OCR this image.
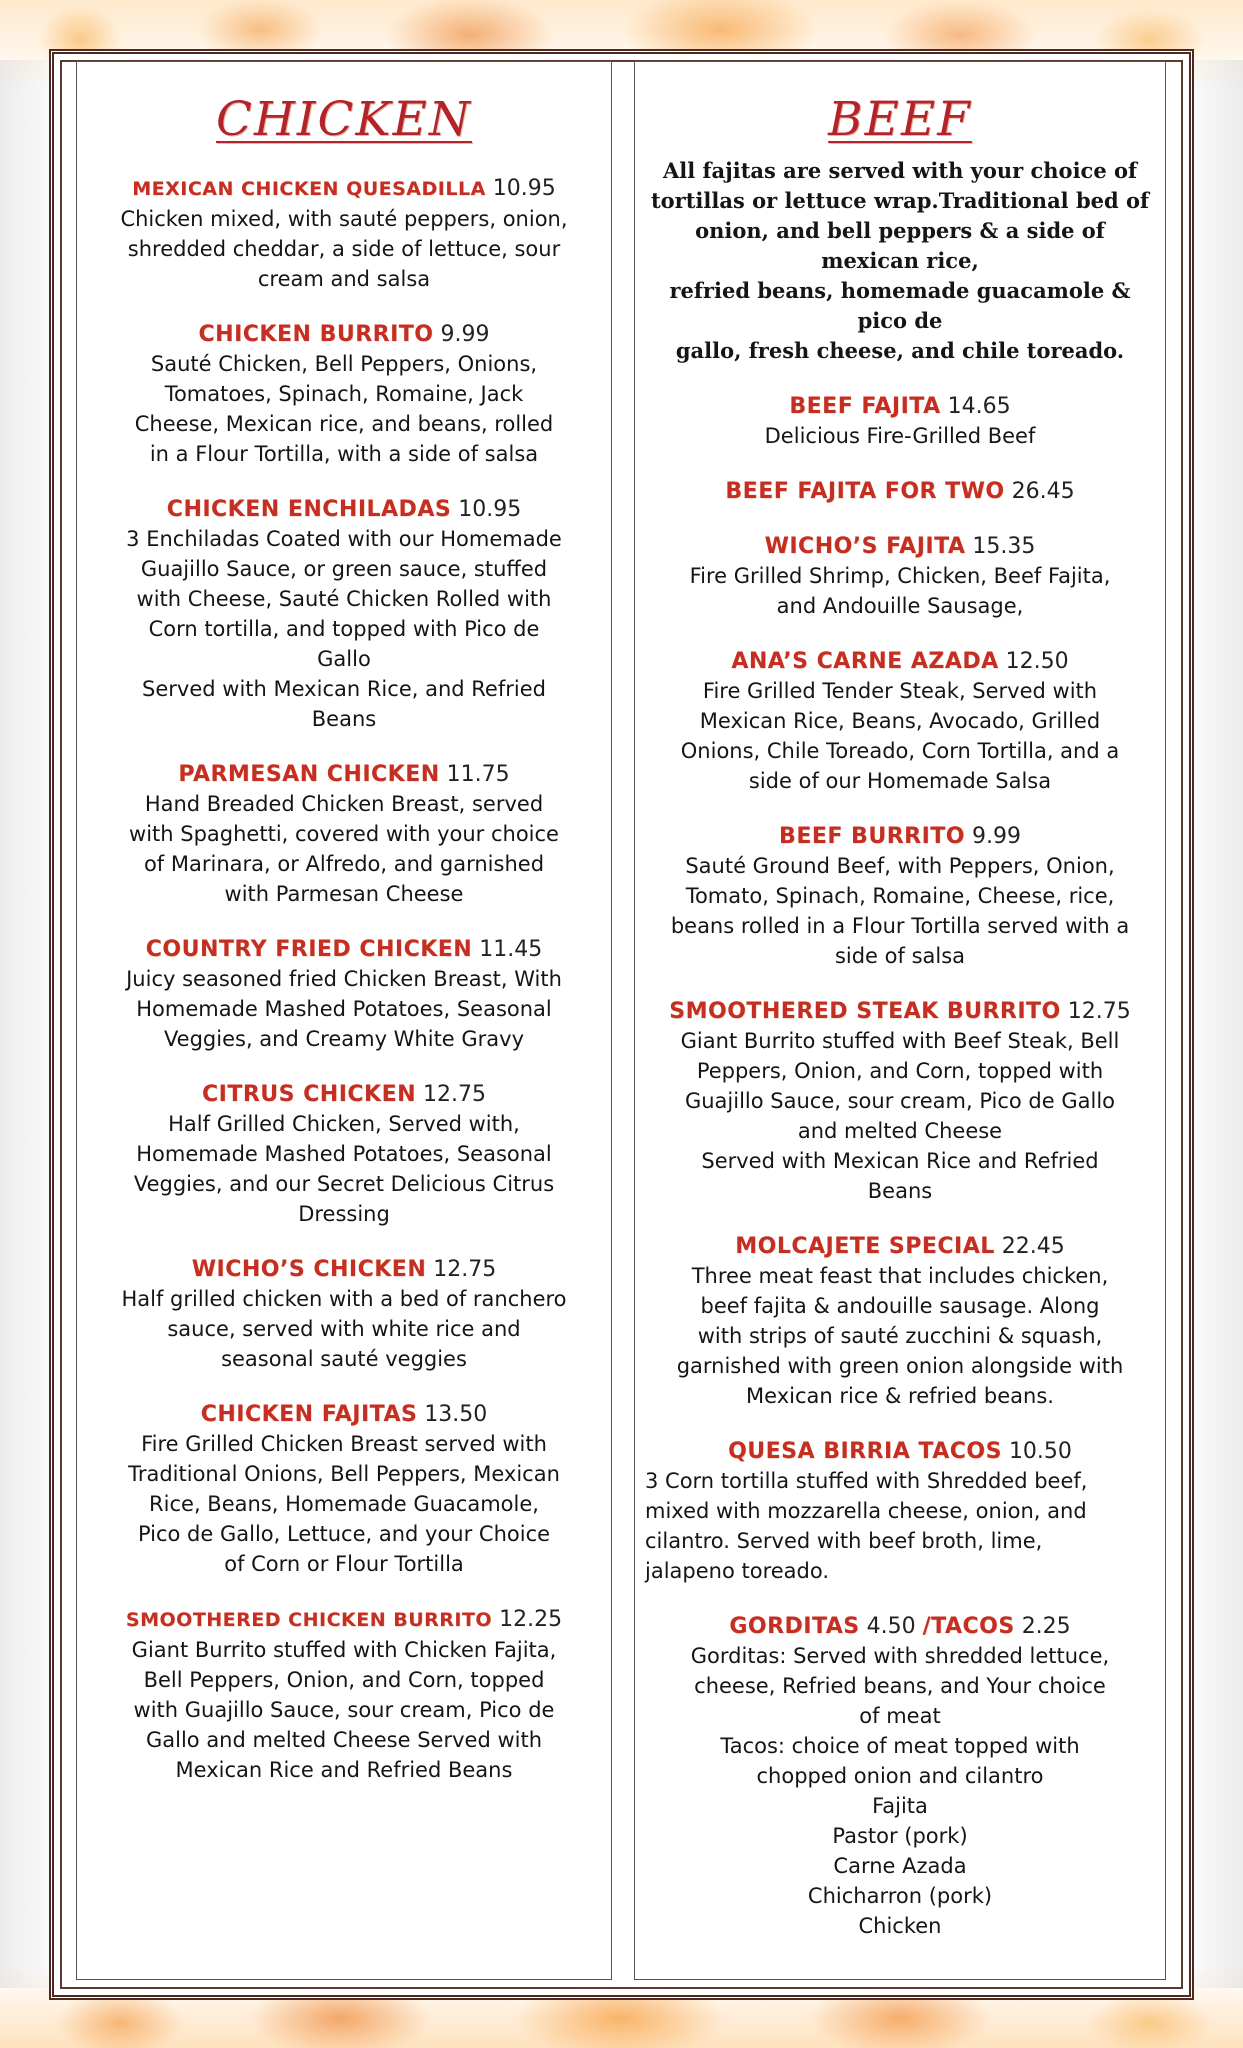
CHICKEN
MEXICAN CHICKEN QUESADILLA 10.95
Chicken mixed, with sauté peppers, onion,
shredded cheddar, a side of lettuce, sour
cream and salsa
CHICKEN BURRITO 9.99
Sauté Chicken, Bell Peppers, Onions,
Tomatoes, Spinach, Romaine, Jack
Cheese, Mexican rice, and beans, rolled
in a Flour Tortilla, with a side of salsa
CHICKEN ENCHILADAS 10.95
3 Enchiladas Coated with our Homemade
Guajillo Sauce, or green sauce, stuffed
with Cheese, Sauté Chicken Rolled with
Corn tortilla, and topped with Pico de
Gallo
Served with Mexican Rice, and Refried
Beans
PARMESAN CHICKEN 11.75
Hand Breaded Chicken Breast, served
with Spaghetti, covered with your choice
of Marinara, or Alfredo, and garnished
with Parmesan Cheese
COUNTRY FRIED CHICKEN 11.45
Juicy seasoned fried Chicken Breast, With
Homemade Mashed Potatoes, Seasonal
Veggies, and Creamy White Gravy
CITRUS CHICKEN 12.75
Half Grilled Chicken, Served with,
Homemade Mashed Potatoes, Seasonal
Veggies, and our Secret Delicious Citrus
Dressing
WICHO’S CHICKEN 12.75
Half grilled chicken with a bed of ranchero
sauce, served with white rice and
seasonal sauté veggies
CHICKEN FAJITAS 13.50
Fire Grilled Chicken Breast served with
Traditional Onions, Bell Peppers, Mexican
Rice, Beans, Homemade Guacamole,
Pico de Gallo, Lettuce, and your Choice
of Corn or Flour Tortilla
SMOOTHERED CHICKEN BURRITO 12.25
Giant Burrito stuffed with Chicken Fajita,
Bell Peppers, Onion, and Corn, topped
with Guajillo Sauce, sour cream, Pico de
Gallo and melted Cheese Served with
Mexican Rice and Refried Beans
BEEF
All fajitas are served with your choice of
tortillas or lettuce wrap.Traditional bed of
onion, and bell peppers & a side of mexican rice,
refried beans, homemade guacamole & pico de
gallo, fresh cheese, and chile toreado.
BEEF FAJITA 14.65
Delicious Fire-Grilled Beef
BEEF FAJITA FOR TWO 26.45
WICHO’S FAJITA 15.35
Fire Grilled Shrimp, Chicken, Beef Fajita,
and Andouille Sausage,
ANA’S CARNE AZADA 12.50
Fire Grilled Tender Steak, Served with
Mexican Rice, Beans, Avocado, Grilled
Onions, Chile Toreado, Corn Tortilla, and a
side of our Homemade Salsa
BEEF BURRITO 9.99
Sauté Ground Beef, with Peppers, Onion,
Tomato, Spinach, Romaine, Cheese, rice,
beans rolled in a Flour Tortilla served with a
side of salsa
SMOOTHERED STEAK BURRITO 12.75
Giant Burrito stuffed with Beef Steak, Bell
Peppers, Onion, and Corn, topped with
Guajillo Sauce, sour cream, Pico de Gallo
and melted Cheese
Served with Mexican Rice and Refried
Beans
MOLCAJETE SPECIAL 22.45
Three meat feast that includes chicken,
beef fajita & andouille sausage. Along
with strips of sauté zucchini & squash,
garnished with green onion alongside with
Mexican rice & refried beans.
QUESA BIRRIA TACOS 10.50
3 Corn tortilla stuffed with Shredded beef,
mixed with mozzarella cheese, onion, and
cilantro. Served with beef broth, lime,
jalapeno toreado.
GORDITAS 4.50 /TACOS 2.25
Gorditas: Served with shredded lettuce,
cheese, Refried beans, and Your choice
of meat
Tacos: choice of meat topped with
chopped onion and cilantro
Fajita
Pastor (pork)
Carne Azada
Chicharron (pork)
Chicken
